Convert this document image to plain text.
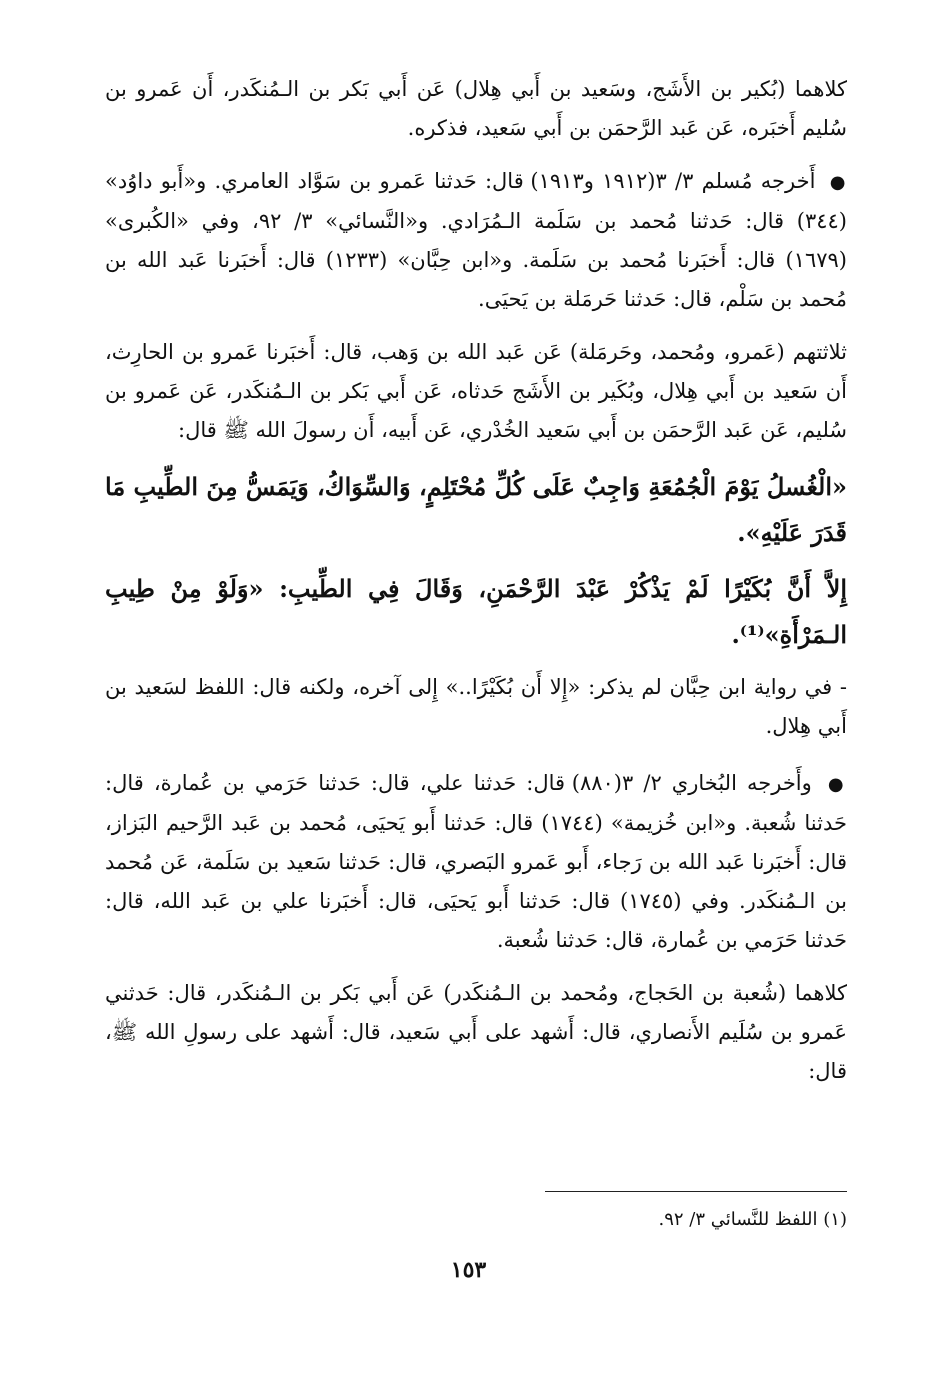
كلاهما (بُكير بن الأَشَج، وسَعيد بن أَبي هِلال) عَن أَبي بَكر بن الـمُنكَدر، أَن عَمرو بن سُليم أَخبَره، عَن عَبد الرَّحمَن بن أَبي سَعيد، فذكره.

● أَخرجه مُسلم ٣/ ٣(١٩١٢ و١٩١٣) قال: حَدثنا عَمرو بن سَوَّاد العامري. و«أَبو داوُد» (٣٤٤) قال: حَدثنا مُحمد بن سَلَمة الـمُرَادي. و«النَّسائي» ٣/ ٩٢، وفي «الكُبرى» (١٦٧٩) قال: أَخبَرنا مُحمد بن سَلَمة. و«ابن حِبَّان» (١٢٣٣) قال: أَخبَرنا عَبد الله بن مُحمد بن سَلْم، قال: حَدثنا حَرمَلة بن يَحيَى.

ثلاثتهم (عَمرو، ومُحمد، وحَرمَلة) عَن عَبد الله بن وَهب، قال: أَخبَرنا عَمرو بن الحارِث، أَن سَعيد بن أَبي هِلال، وبُكَير بن الأَشَج حَدثاه، عَن أَبي بَكر بن الـمُنكَدر، عَن عَمرو بن سُليم، عَن عَبد الرَّحمَن بن أَبي سَعيد الخُدْري، عَن أَبيه، أَن رسولَ الله ﷺ قال:

«الْغُسلُ يَوْمَ الْجُمُعَةِ وَاجِبٌ عَلَى كُلِّ مُحْتَلِمٍ، وَالسِّوَاكُ، وَيَمَسُّ مِنَ الطِّيبِ مَا قَدَرَ عَلَيْهِ».

إِلاَّ أَنَّ بُكَيْرًا لَمْ يَذْكُرْ عَبْدَ الرَّحْمَنِ، وَقَالَ فِي الطِّيبِ: «وَلَوْ مِنْ طِيبِ الـمَرْأَةِ»⁽¹⁾.

- في رواية ابن حِبَّان لم يذكر: «إِلا أَن بُكَيْرًا..» إِلى آخره، ولكنه قال: اللفظ لسَعيد بن أَبي هِلال.

● وأَخرجه البُخاري ٢/ ٣(٨٨٠) قال: حَدثنا علي، قال: حَدثنا حَرَمي بن عُمارة، قال: حَدثنا شُعبة. و«ابن خُزيمة» (١٧٤٤) قال: حَدثنا أَبو يَحيَى، مُحمد بن عَبد الرَّحيم البَزاز، قال: أَخبَرنا عَبد الله بن رَجاء، أَبو عَمرو البَصري، قال: حَدثنا سَعيد بن سَلَمة، عَن مُحمد بن الـمُنكَدر. وفي (١٧٤٥) قال: حَدثنا أَبو يَحيَى، قال: أَخبَرنا علي بن عَبد الله، قال: حَدثنا حَرَمي بن عُمارة، قال: حَدثنا شُعبة.

كلاهما (شُعبة بن الحَجاج، ومُحمد بن الـمُنكَدر) عَن أَبي بَكر بن الـمُنكَدر، قال: حَدثني عَمرو بن سُلَيم الأَنصاري، قال: أَشهد على أَبي سَعيد، قال: أَشهد على رسولِ الله ﷺ، قال:

(١) اللفظ للنَّسائي ٣/ ٩٢.
١٥٣
